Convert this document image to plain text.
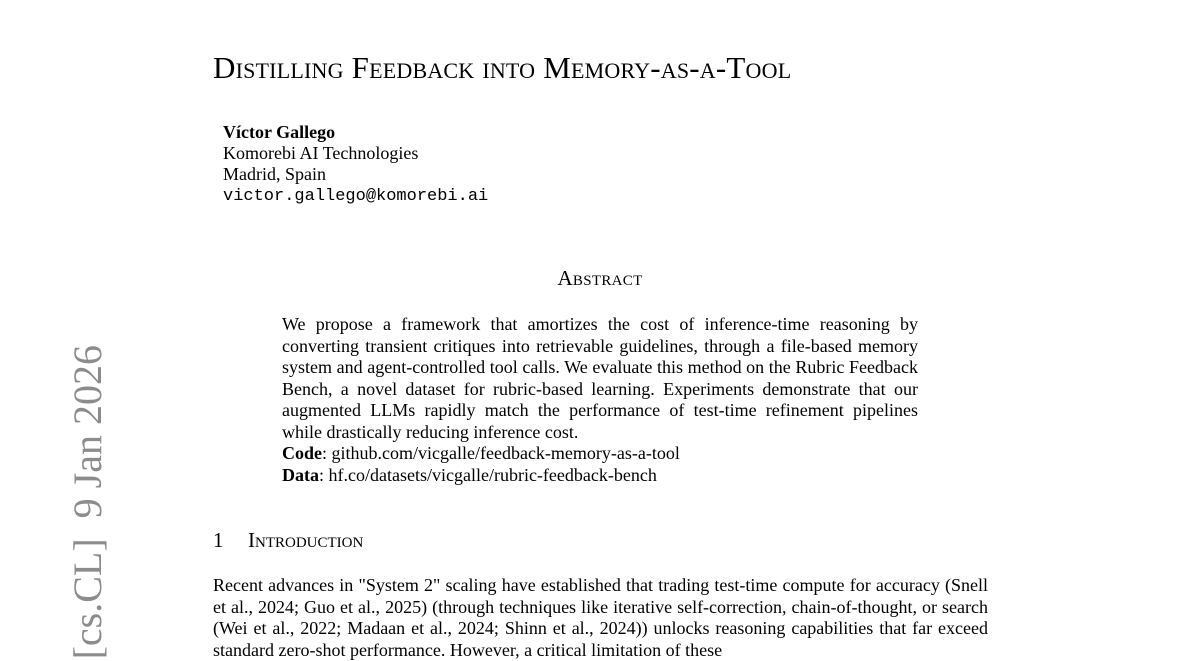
[cs.CL]9 Jan 2026
Distilling Feedback into Memory-as-a-Tool
Víctor Gallego
Komorebi AI Technologies
Madrid, Spain
victor.gallego@komorebi.ai
Abstract

We propose a framework that amortizes the cost of inference-time reasoning by converting transient critiques into retrievable guidelines, through a file-based memory system and agent-controlled tool calls. We evaluate this method on the Rubric Feedback Bench, a novel dataset for rubric-based learning. Experiments demonstrate that our augmented LLMs rapidly match the performance of test-time refinement pipelines while drastically reducing inference cost.

Code: github.com/vicgalle/feedback-memory-as-a-tool

Data: hf.co/datasets/vicgalle/rubric-feedback-bench

1 Introduction

Recent advances in "System 2" scaling have established that trading test-time compute for accuracy (Snell et al., 2024; Guo et al., 2025) (through techniques like iterative self-correction, chain-of-thought, or search (Wei et al., 2022; Madaan et al., 2024; Shinn et al., 2024)) unlocks reasoning capabilities that far exceed standard zero-shot performance. However, a critical limitation of these
